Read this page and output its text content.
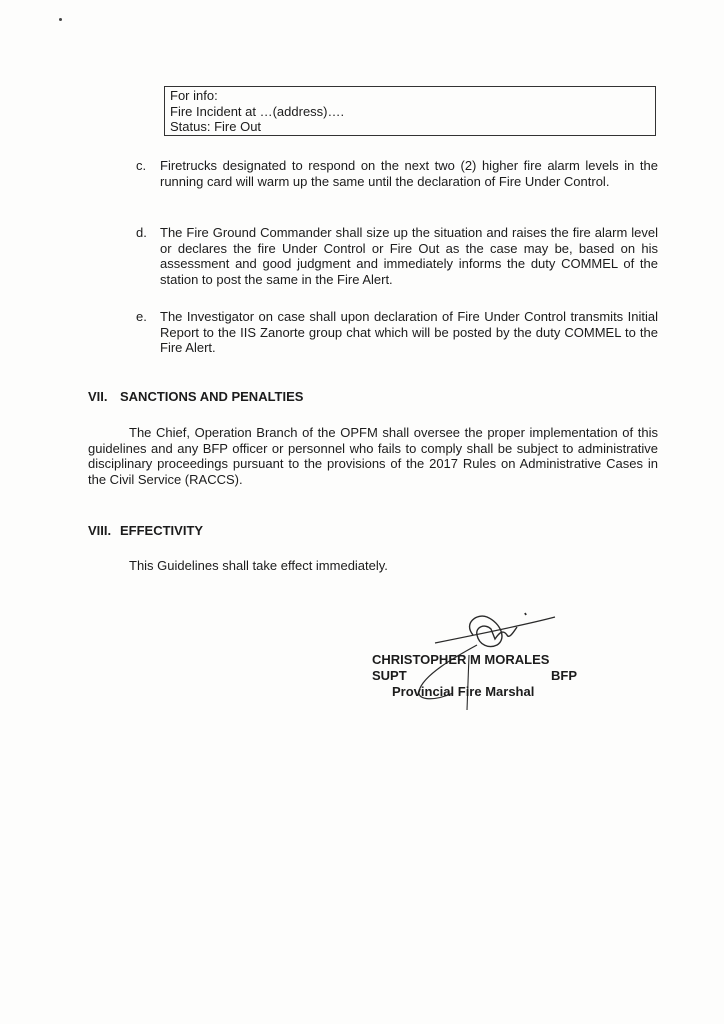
For info:
Fire Incident at …(address)….
Status: Fire Out
c. Firetrucks designated to respond on the next two (2) higher fire alarm levels in the running card will warm up the same until the declaration of Fire Under Control.
d. The Fire Ground Commander shall size up the situation and raises the fire alarm level or declares the fire Under Control or Fire Out as the case may be, based on his assessment and good judgment and immediately informs the duty COMMEL of the station to post the same in the Fire Alert.
e. The Investigator on case shall upon declaration of Fire Under Control transmits Initial Report to the IIS Zanorte group chat which will be posted by the duty COMMEL to the Fire Alert.
VII. SANCTIONS AND PENALTIES
The Chief, Operation Branch of the OPFM shall oversee the proper implementation of this guidelines and any BFP officer or personnel who fails to comply shall be subject to administrative disciplinary proceedings pursuant to the provisions of the 2017 Rules on Administrative Cases in the Civil Service (RACCS).
VIII. EFFECTIVITY
This Guidelines shall take effect immediately.
CHRISTOPHER M MORALES
SUPT	BFP
Provincial Fire Marshal
